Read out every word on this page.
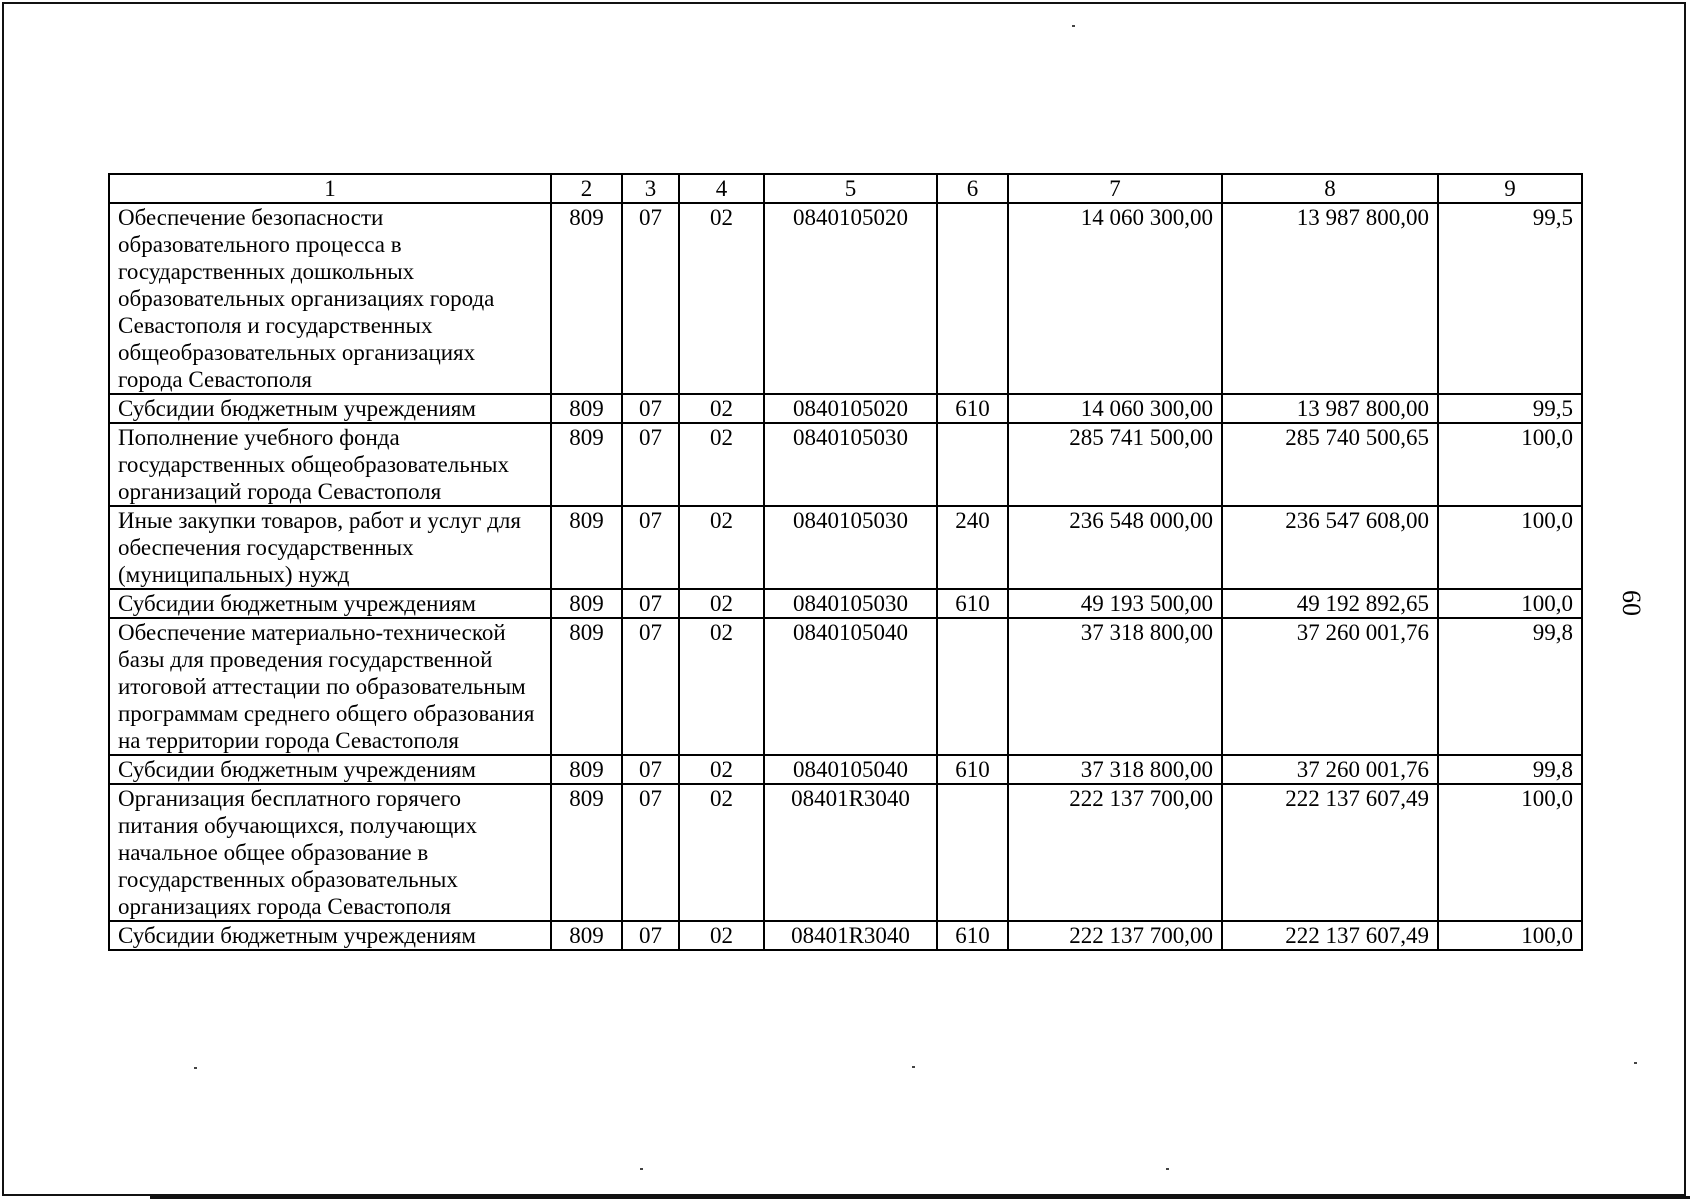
1	2	3	4	5	6	7	8	9
Обеспечение безопасности образовательного процесса в государственных дошкольных образовательных организациях города Севастополя и государственных общеобразовательных организациях города Севастополя	809	07	02	0840105020		14 060 300,00	13 987 800,00	99,5
Субсидии бюджетным учреждениям	809	07	02	0840105020	610	14 060 300,00	13 987 800,00	99,5
Пополнение учебного фонда государственных общеобразовательных организаций города Севастополя	809	07	02	0840105030		285 741 500,00	285 740 500,65	100,0
Иные закупки товаров, работ и услуг для обеспечения государственных (муниципальных) нужд	809	07	02	0840105030	240	236 548 000,00	236 547 608,00	100,0
Субсидии бюджетным учреждениям	809	07	02	0840105030	610	49 193 500,00	49 192 892,65	100,0
Обеспечение материально-технической базы для проведения государственной итоговой аттестации по образовательным программам среднего общего образования на территории города Севастополя	809	07	02	0840105040		37 318 800,00	37 260 001,76	99,8
Субсидии бюджетным учреждениям	809	07	02	0840105040	610	37 318 800,00	37 260 001,76	99,8
Организация бесплатного горячего питания обучающихся, получающих начальное общее образование в государственных образовательных организациях города Севастополя	809	07	02	08401R3040		222 137 700,00	222 137 607,49	100,0
Субсидии бюджетным учреждениям	809	07	02	08401R3040	610	222 137 700,00	222 137 607,49	100,0
60
